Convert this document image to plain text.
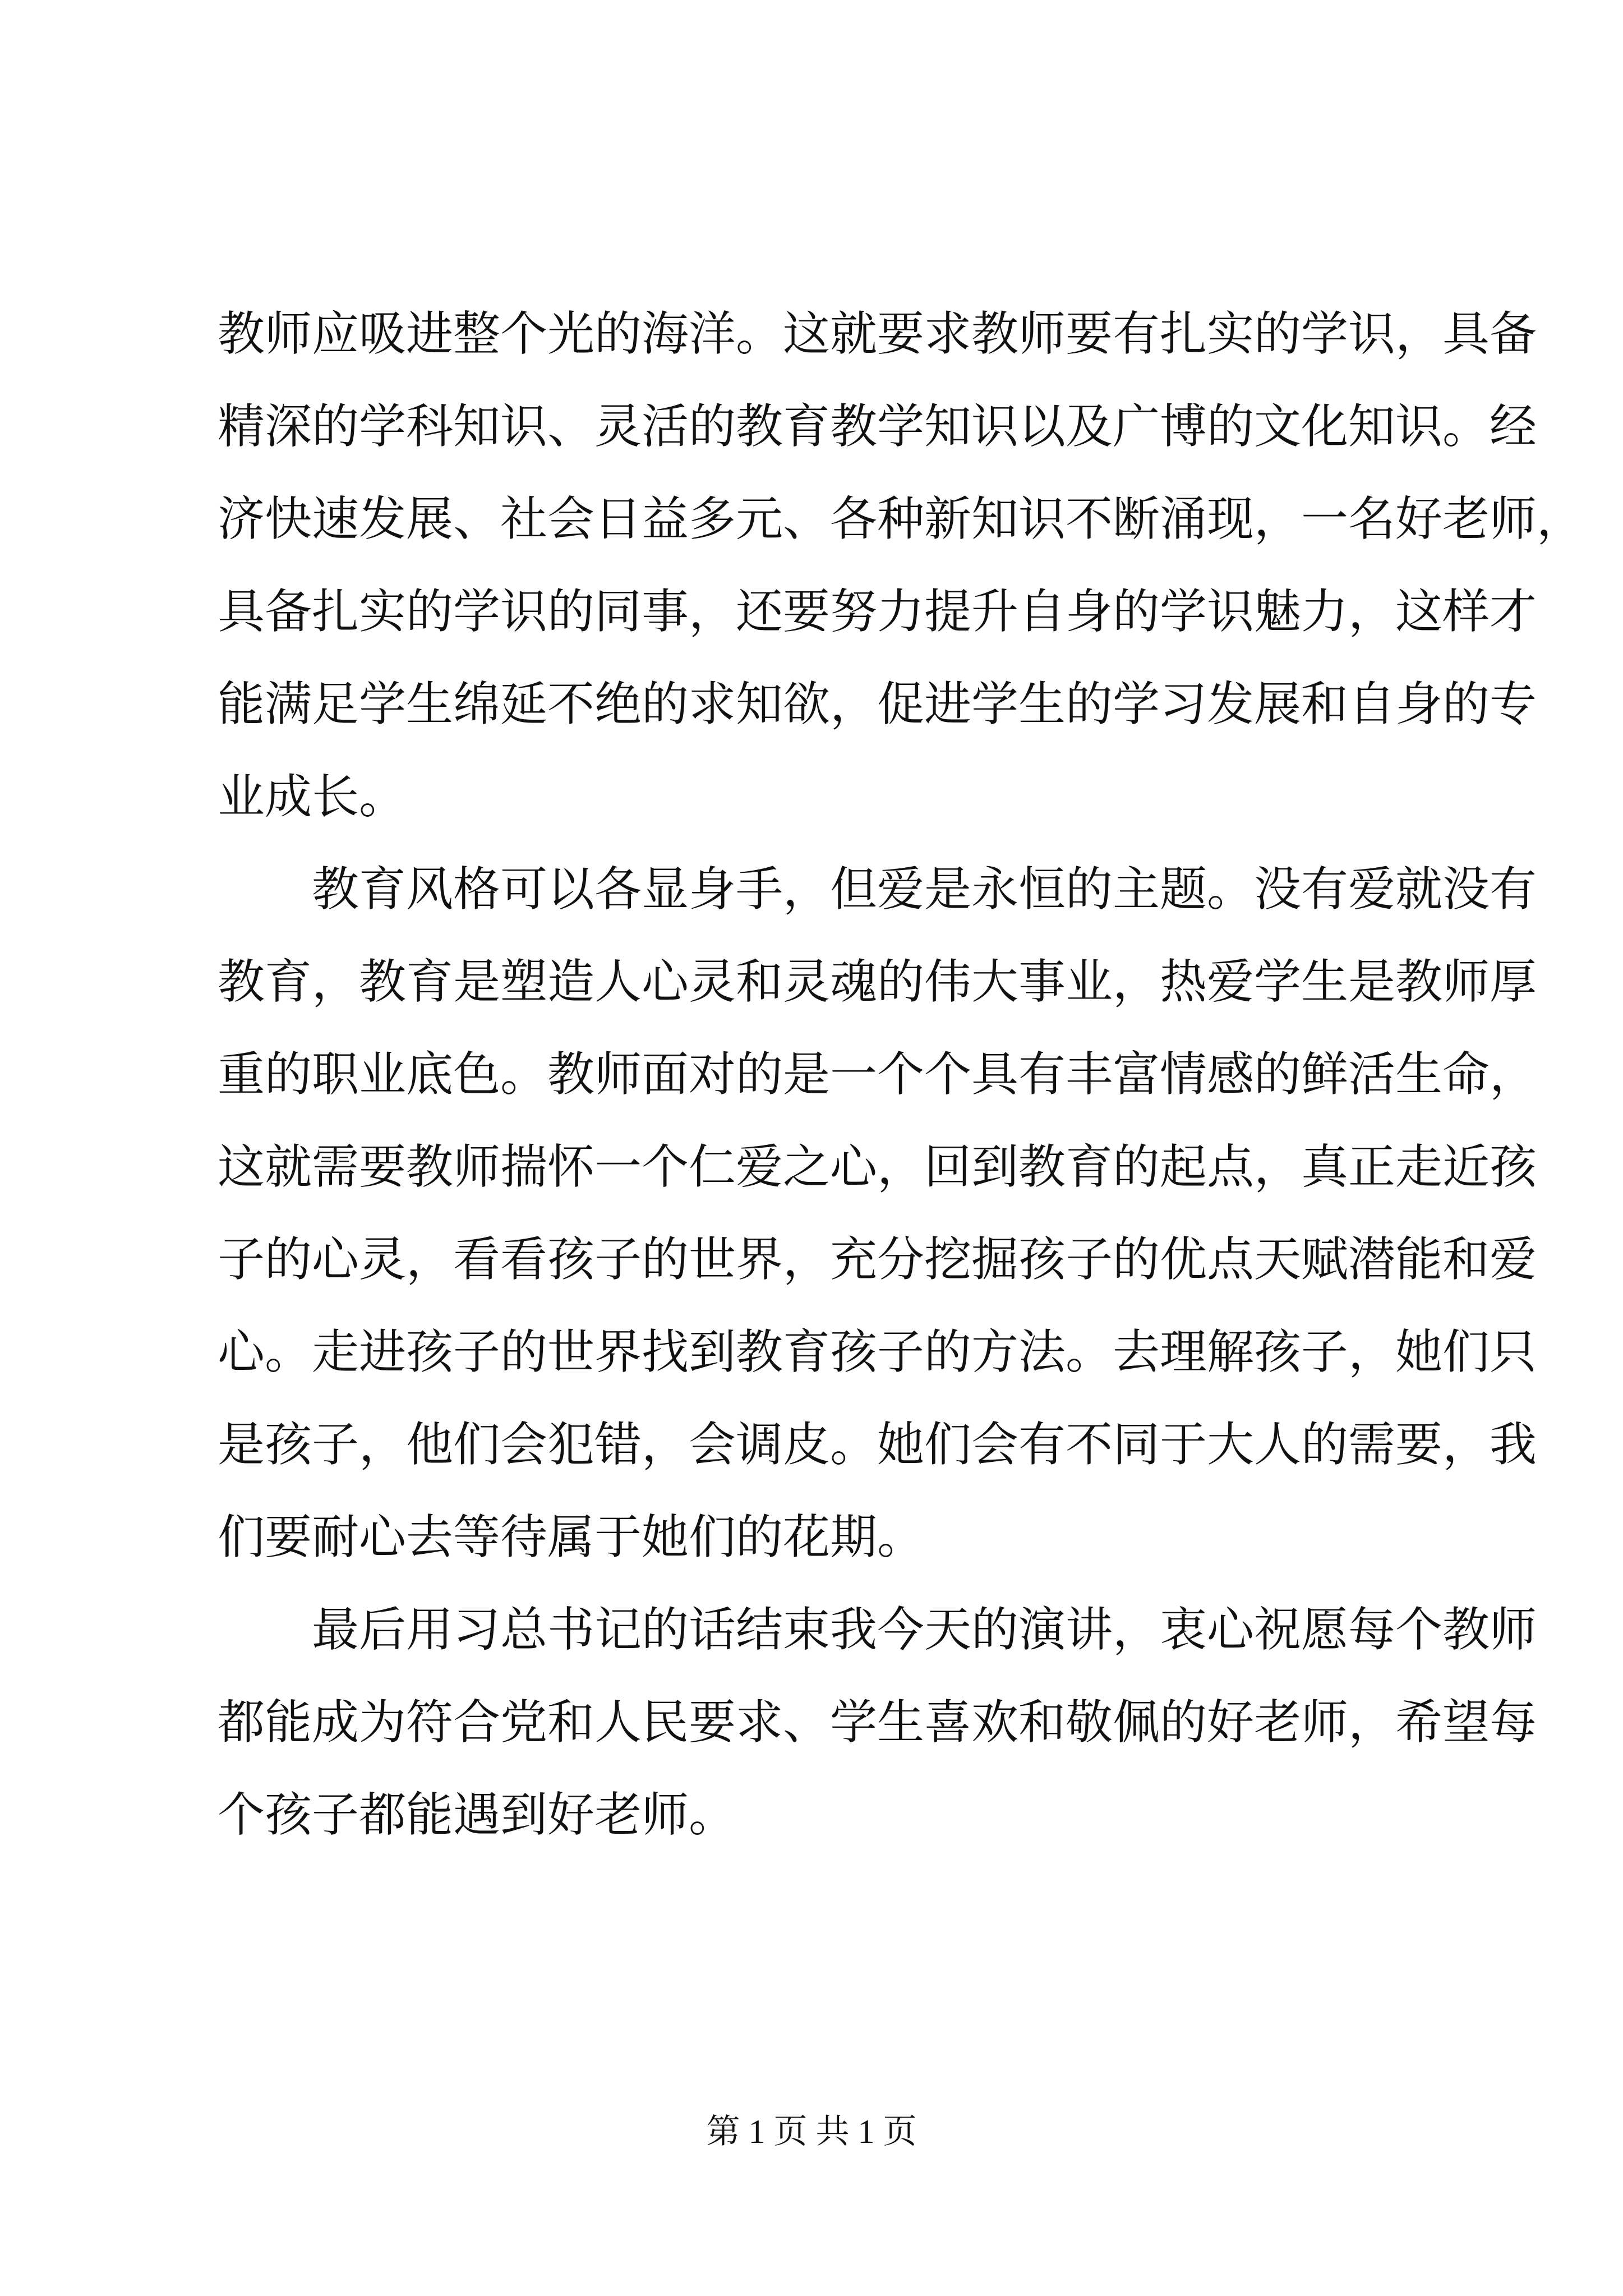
教师应吸进整个光的海洋。这就要求教师要有扎实的学识，具备
精深的学科知识、灵活的教育教学知识以及广博的文化知识。经
济快速发展、社会日益多元、各种新知识不断涌现，一名好老师，
具备扎实的学识的同事，还要努力提升自身的学识魅力，这样才
能满足学生绵延不绝的求知欲，促进学生的学习发展和自身的专
业成长。
　　教育风格可以各显身手，但爱是永恒的主题。没有爱就没有
教育，教育是塑造人心灵和灵魂的伟大事业，热爱学生是教师厚
重的职业底色。教师面对的是一个个具有丰富情感的鲜活生命，
这就需要教师揣怀一个仁爱之心，回到教育的起点，真正走近孩
子的心灵，看看孩子的世界，充分挖掘孩子的优点天赋潜能和爱
心。走进孩子的世界找到教育孩子的方法。去理解孩子，她们只
是孩子，他们会犯错，会调皮。她们会有不同于大人的需要，我
们要耐心去等待属于她们的花期。
　　最后用习总书记的话结束我今天的演讲，衷心祝愿每个教师
都能成为符合党和人民要求、学生喜欢和敬佩的好老师，希望每
个孩子都能遇到好老师。
第 1 页 共 1 页
